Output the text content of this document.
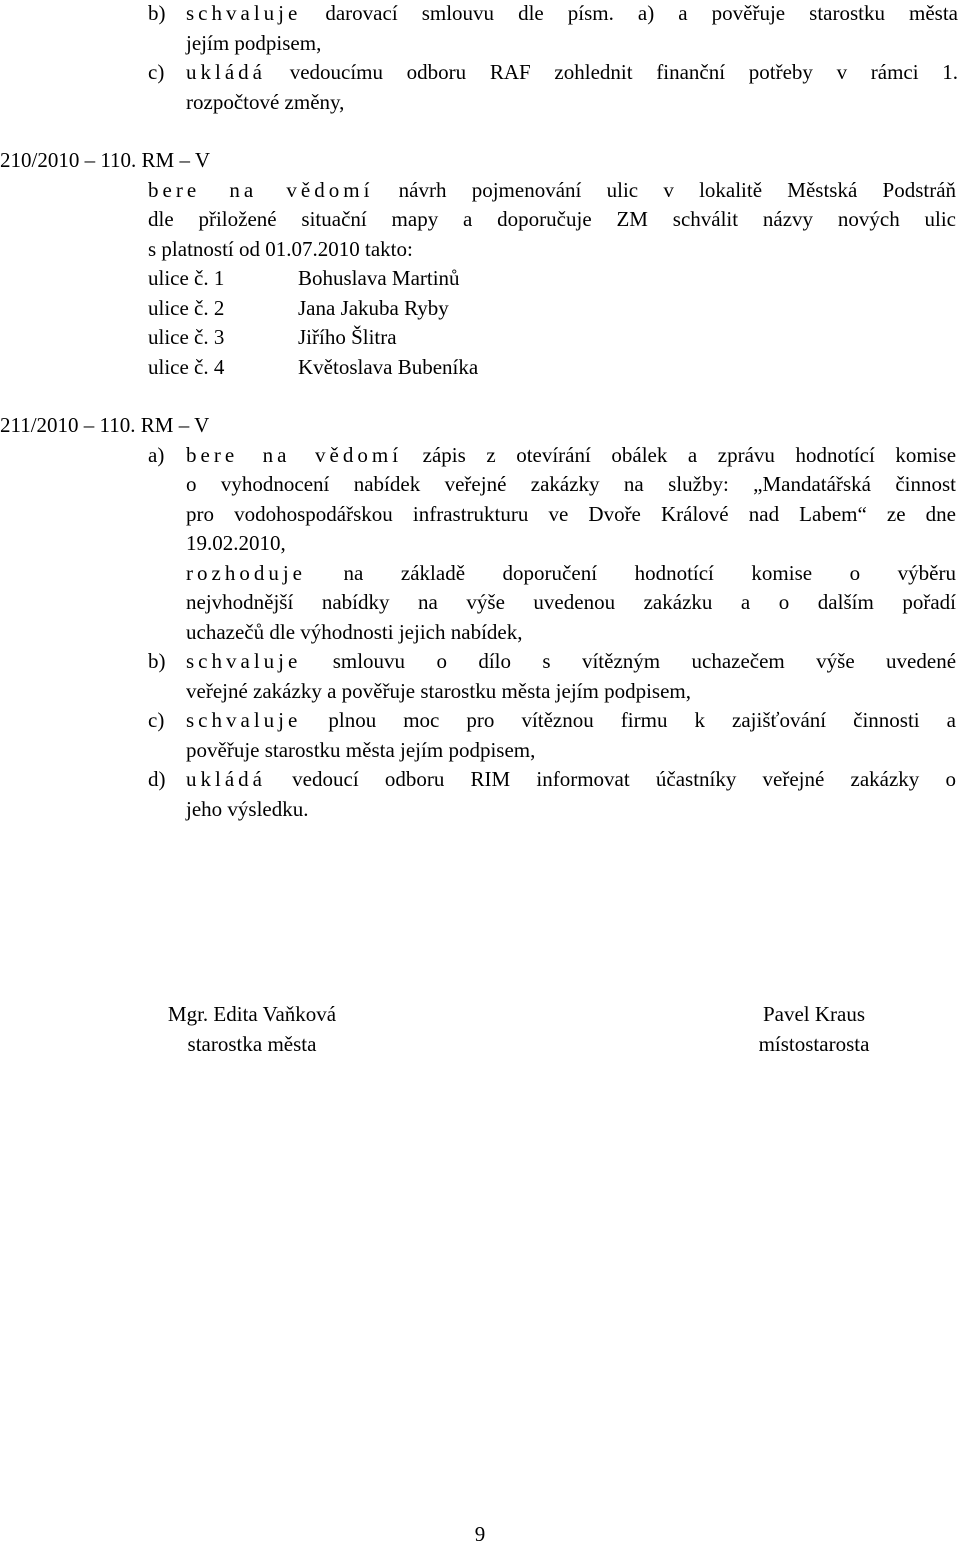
b) schvaluje darovací smlouvu dle písm. a) a pověřuje starostku města
jejím podpisem,
c) ukládá vedoucímu odboru RAF zohlednit finanční potřeby v rámci 1.
rozpočtové změny,
210/2010 – 110. RM – V
bere na vědomí návrh pojmenování ulic v lokalitě Městská Podstráň
dle přiložené situační mapy a doporučuje ZM schválit názvy nových ulic
s platností od 01.07.2010 takto:
ulice č. 1	Bohuslava Martinů
ulice č. 2	Jana Jakuba Ryby
ulice č. 3	Jiřího Šlitra
ulice č. 4	Květoslava Bubeníka
211/2010 – 110. RM – V
a) bere na vědomí zápis z otevírání obálek a zprávu hodnotící komise
o vyhodnocení nabídek veřejné zakázky na služby: „Mandatářská činnost
pro vodohospodářskou infrastrukturu ve Dvoře Králové nad Labem“ ze dne
19.02.2010,
rozhoduje na základě doporučení hodnotící komise o výběru
nejvhodnější nabídky na výše uvedenou zakázku a o dalším pořadí
uchazečů dle výhodnosti jejich nabídek,
b) schvaluje smlouvu o dílo s vítězným uchazečem výše uvedené
veřejné zakázky a pověřuje starostku města jejím podpisem,
c) schvaluje plnou moc pro vítěznou firmu k zajišťování činnosti a
pověřuje starostku města jejím podpisem,
d) ukládá vedoucí odboru RIM informovat účastníky veřejné zakázky o
jeho výsledku.
Mgr. Edita Vaňková
starostka města
Pavel Kraus
místostarosta
9
